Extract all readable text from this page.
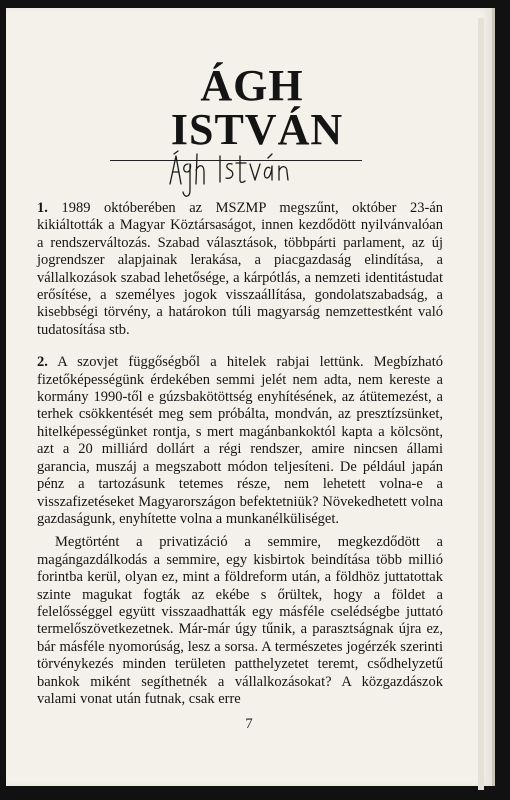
ÁGH
ISTVÁN

1. 1989 októberében az MSZMP megszűnt, október 23-án kikiáltották a Magyar Köztársaságot, innen kezdődött nyilvánvalóan a rendszerváltozás. Szabad választások, többpárti parlament, az új jogrendszer alapjainak lerakása, a piacgazdaság elindítása, a vállalkozások szabad lehetősége, a kárpótlás, a nemzeti identitástudat erősítése, a személyes jogok visszaállítása, gondolatszabadság, a kisebbségi törvény, a határokon túli magyarság nemzettestként való tudatosítása stb.

2. A szovjet függőségből a hitelek rabjai lettünk. Megbízható fizetőképességünk érdekében semmi jelét nem adta, nem kereste a kormány 1990-től e gúzsbakötöttség enyhítésének, az átütemezést, a terhek csökkentését meg sem próbálta, mondván, az presztízsünket, hitelképességünket rontja, s mert magánbankoktól kapta a kölcsönt, azt a 20 milliárd dollárt a régi rendszer, amire nincsen állami garancia, muszáj a megszabott módon teljesíteni. De például japán pénz a tartozásunk tetemes része, nem lehetett volna-e a visszafizetéseket Magyarországon befektetniük? Növekedhetett volna gazdaságunk, enyhítette volna a munkanélküliséget.

Megtörtént a privatizáció a semmire, megkezdődött a magángazdálkodás a semmire, egy kisbirtok beindítása több millió forintba kerül, olyan ez, mint a földreform után, a földhöz juttatottak szinte magukat fogták az ekébe s őrültek, hogy a földet a felelősséggel együtt visszaadhatták egy másféle cselédségbe juttató termelőszövetkezetnek. Már-már úgy tűnik, a parasztságnak újra ez, bár másféle nyomorúság, lesz a sorsa. A természetes jogérzék szerinti törvénykezés minden területen patthelyzetet teremt, csődhelyzetű bankok miként segíthetnék a vállalkozásokat? A közgazdászok valami vonat után futnak, csak erre

7
